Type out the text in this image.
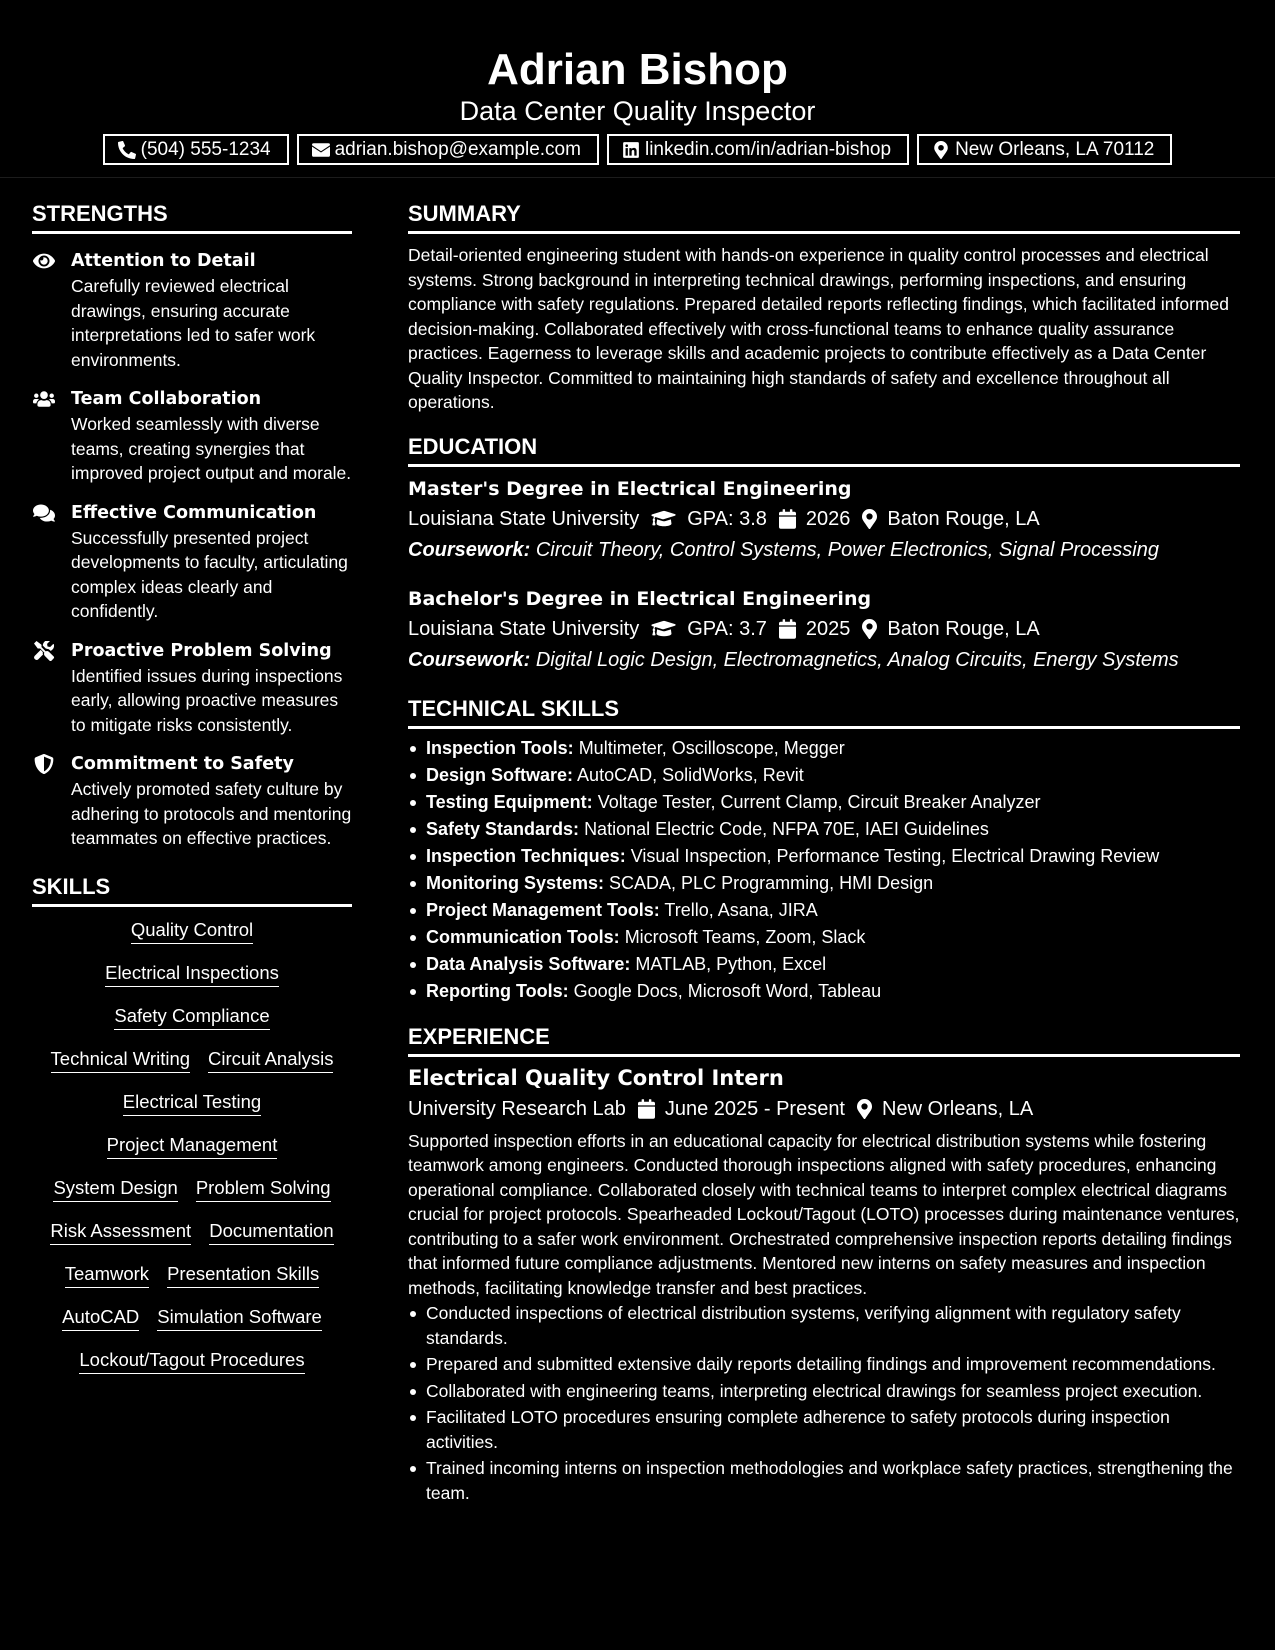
Adrian Bishop
Data Center Quality Inspector
(504) 555-1234	adrian.bishop@example.com	linkedin.com/in/adrian-bishop	New Orleans, LA 70112
STRENGTHS
Attention to Detail
Carefully reviewed electrical drawings, ensuring accurate interpretations led to safer work environments.
Team Collaboration
Worked seamlessly with diverse teams, creating synergies that improved project output and morale.
Effective Communication
Successfully presented project developments to faculty, articulating complex ideas clearly and confidently.
Proactive Problem Solving
Identified issues during inspections early, allowing proactive measures to mitigate risks consistently.
Commitment to Safety
Actively promoted safety culture by adhering to protocols and mentoring teammates on effective practices.
SKILLS
Quality Control
Electrical Inspections
Safety Compliance
Technical Writing Circuit Analysis
Electrical Testing
Project Management
System Design Problem Solving
Risk Assessment Documentation
Teamwork Presentation Skills
AutoCAD Simulation Software
Lockout/Tagout Procedures
SUMMARY
Detail-oriented engineering student with hands-on experience in quality control processes and electrical systems. Strong background in interpreting technical drawings, performing inspections, and ensuring compliance with safety regulations. Prepared detailed reports reflecting findings, which facilitated informed decision-making. Collaborated effectively with cross-functional teams to enhance quality assurance practices. Eagerness to leverage skills and academic projects to contribute effectively as a Data Center Quality Inspector. Committed to maintaining high standards of safety and excellence throughout all operations.
EDUCATION
Master's Degree in Electrical Engineering
Louisiana State University GPA: 3.8 2026 Baton Rouge, LA
Coursework: Circuit Theory, Control Systems, Power Electronics, Signal Processing
Bachelor's Degree in Electrical Engineering
Louisiana State University GPA: 3.7 2025 Baton Rouge, LA
Coursework: Digital Logic Design, Electromagnetics, Analog Circuits, Energy Systems
TECHNICAL SKILLS
Inspection Tools: Multimeter, Oscilloscope, Megger
Design Software: AutoCAD, SolidWorks, Revit
Testing Equipment: Voltage Tester, Current Clamp, Circuit Breaker Analyzer
Safety Standards: National Electric Code, NFPA 70E, IAEI Guidelines
Inspection Techniques: Visual Inspection, Performance Testing, Electrical Drawing Review
Monitoring Systems: SCADA, PLC Programming, HMI Design
Project Management Tools: Trello, Asana, JIRA
Communication Tools: Microsoft Teams, Zoom, Slack
Data Analysis Software: MATLAB, Python, Excel
Reporting Tools: Google Docs, Microsoft Word, Tableau
EXPERIENCE
Electrical Quality Control Intern
University Research Lab June 2025 - Present New Orleans, LA
Supported inspection efforts in an educational capacity for electrical distribution systems while fostering teamwork among engineers. Conducted thorough inspections aligned with safety procedures, enhancing operational compliance. Collaborated closely with technical teams to interpret complex electrical diagrams crucial for project protocols. Spearheaded Lockout/Tagout (LOTO) processes during maintenance ventures, contributing to a safer work environment. Orchestrated comprehensive inspection reports detailing findings that informed future compliance adjustments. Mentored new interns on safety measures and inspection methods, facilitating knowledge transfer and best practices.
Conducted inspections of electrical distribution systems, verifying alignment with regulatory safety standards.
Prepared and submitted extensive daily reports detailing findings and improvement recommendations.
Collaborated with engineering teams, interpreting electrical drawings for seamless project execution.
Facilitated LOTO procedures ensuring complete adherence to safety protocols during inspection activities.
Trained incoming interns on inspection methodologies and workplace safety practices, strengthening the team.
